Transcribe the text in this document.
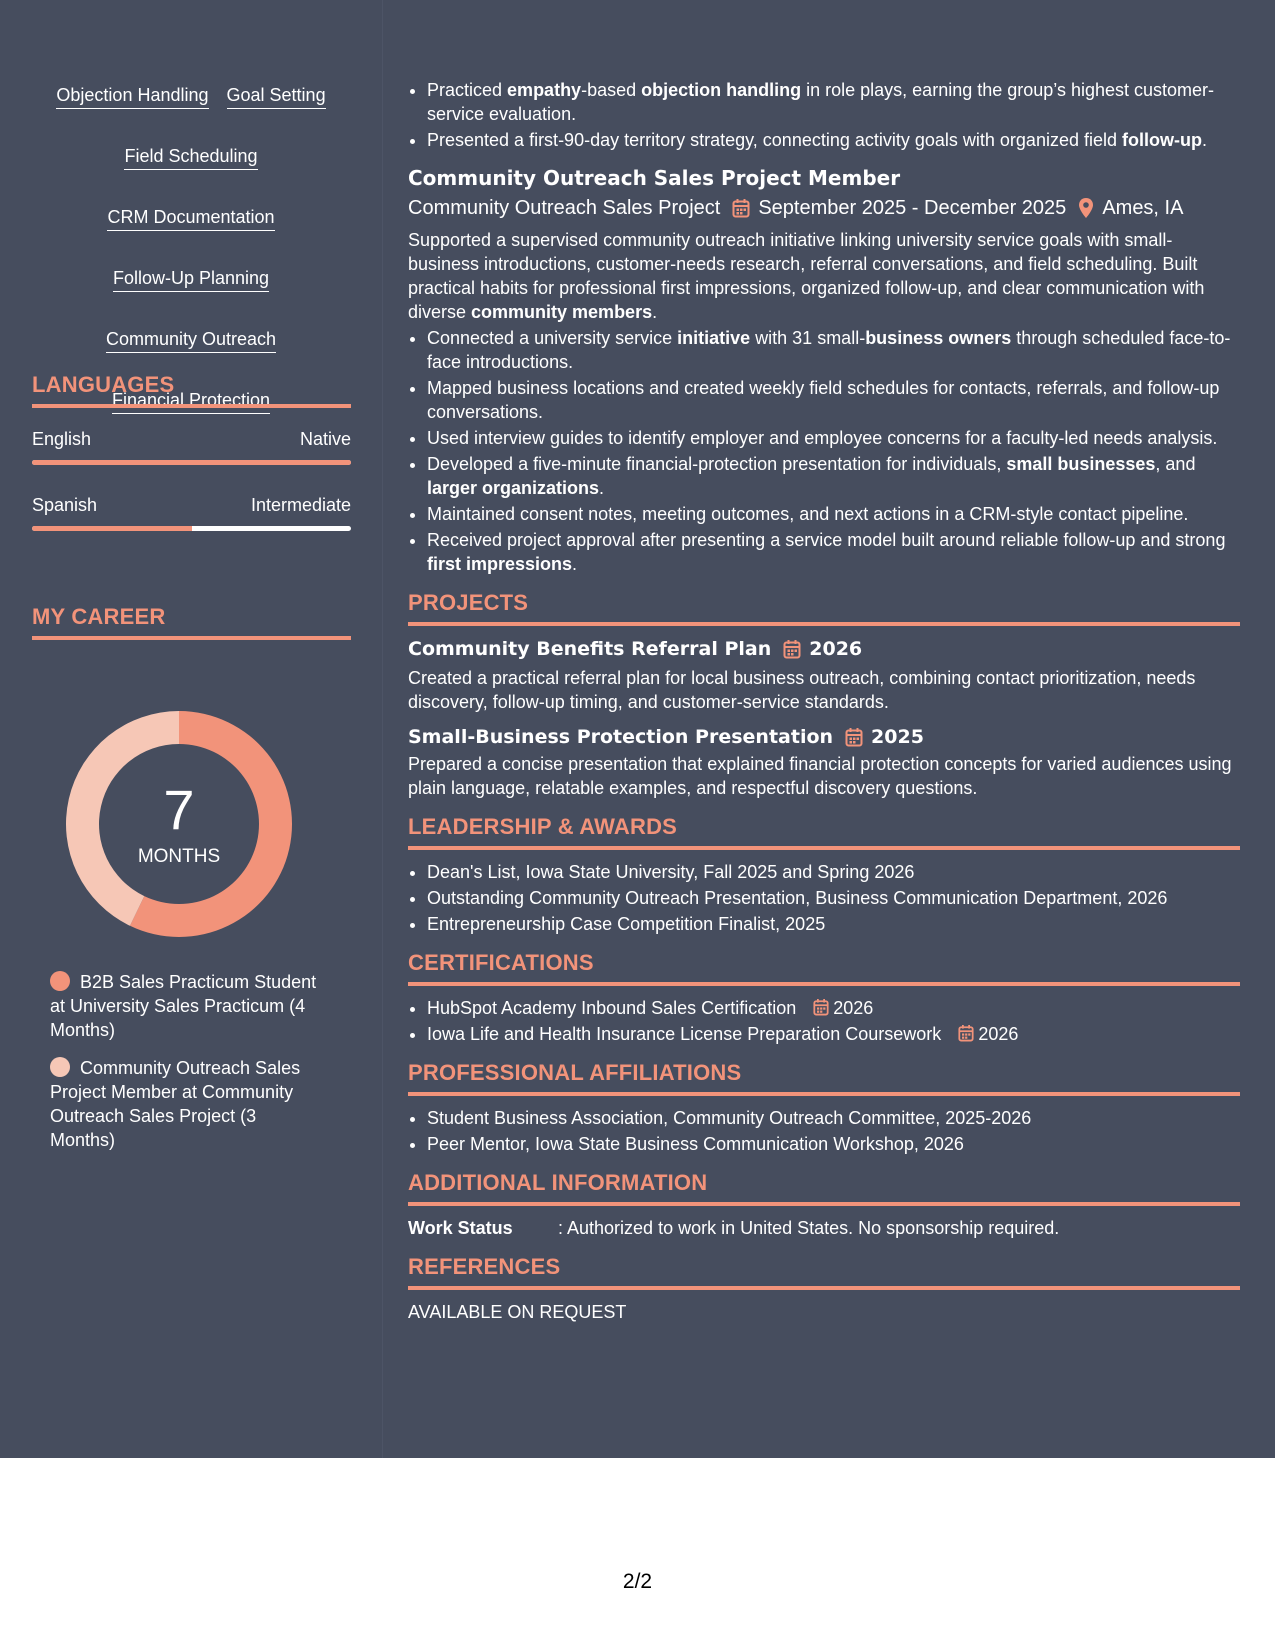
Objection Handling Goal Setting
Field Scheduling
CRM Documentation
Follow-Up Planning
Community Outreach
Financial Protection
LANGUAGES
English	Native
Spanish	Intermediate
MY CAREER
7
MONTHS
B2B Sales Practicum Student at University Sales Practicum (4 Months)
Community Outreach Sales Project Member at Community Outreach Sales Project (3 Months)
• Practiced empathy-based objection handling in role plays, earning the group’s highest customer-service evaluation.
• Presented a first-90-day territory strategy, connecting activity goals with organized field follow-up.
Community Outreach Sales Project Member
Community Outreach Sales Project September 2025 - December 2025 Ames, IA
Supported a supervised community outreach initiative linking university service goals with small-business introductions, customer-needs research, referral conversations, and field scheduling. Built practical habits for professional first impressions, organized follow-up, and clear communication with diverse community members.
• Connected a university service initiative with 31 small-business owners through scheduled face-to-face introductions.
• Mapped business locations and created weekly field schedules for contacts, referrals, and follow-up conversations.
• Used interview guides to identify employer and employee concerns for a faculty-led needs analysis.
• Developed a five-minute financial-protection presentation for individuals, small businesses, and larger organizations.
• Maintained consent notes, meeting outcomes, and next actions in a CRM-style contact pipeline.
• Received project approval after presenting a service model built around reliable follow-up and strong first impressions.
PROJECTS
Community Benefits Referral Plan 2026
Created a practical referral plan for local business outreach, combining contact prioritization, needs discovery, follow-up timing, and customer-service standards.
Small-Business Protection Presentation 2025
Prepared a concise presentation that explained financial protection concepts for varied audiences using plain language, relatable examples, and respectful discovery questions.
LEADERSHIP & AWARDS
• Dean's List, Iowa State University, Fall 2025 and Spring 2026
• Outstanding Community Outreach Presentation, Business Communication Department, 2026
• Entrepreneurship Case Competition Finalist, 2025
CERTIFICATIONS
• HubSpot Academy Inbound Sales Certification 2026
• Iowa Life and Health Insurance License Preparation Coursework 2026
PROFESSIONAL AFFILIATIONS
• Student Business Association, Community Outreach Committee, 2025-2026
• Peer Mentor, Iowa State Business Communication Workshop, 2026
ADDITIONAL INFORMATION
Work Status	: Authorized to work in United States. No sponsorship required.
REFERENCES
AVAILABLE ON REQUEST
2/2
